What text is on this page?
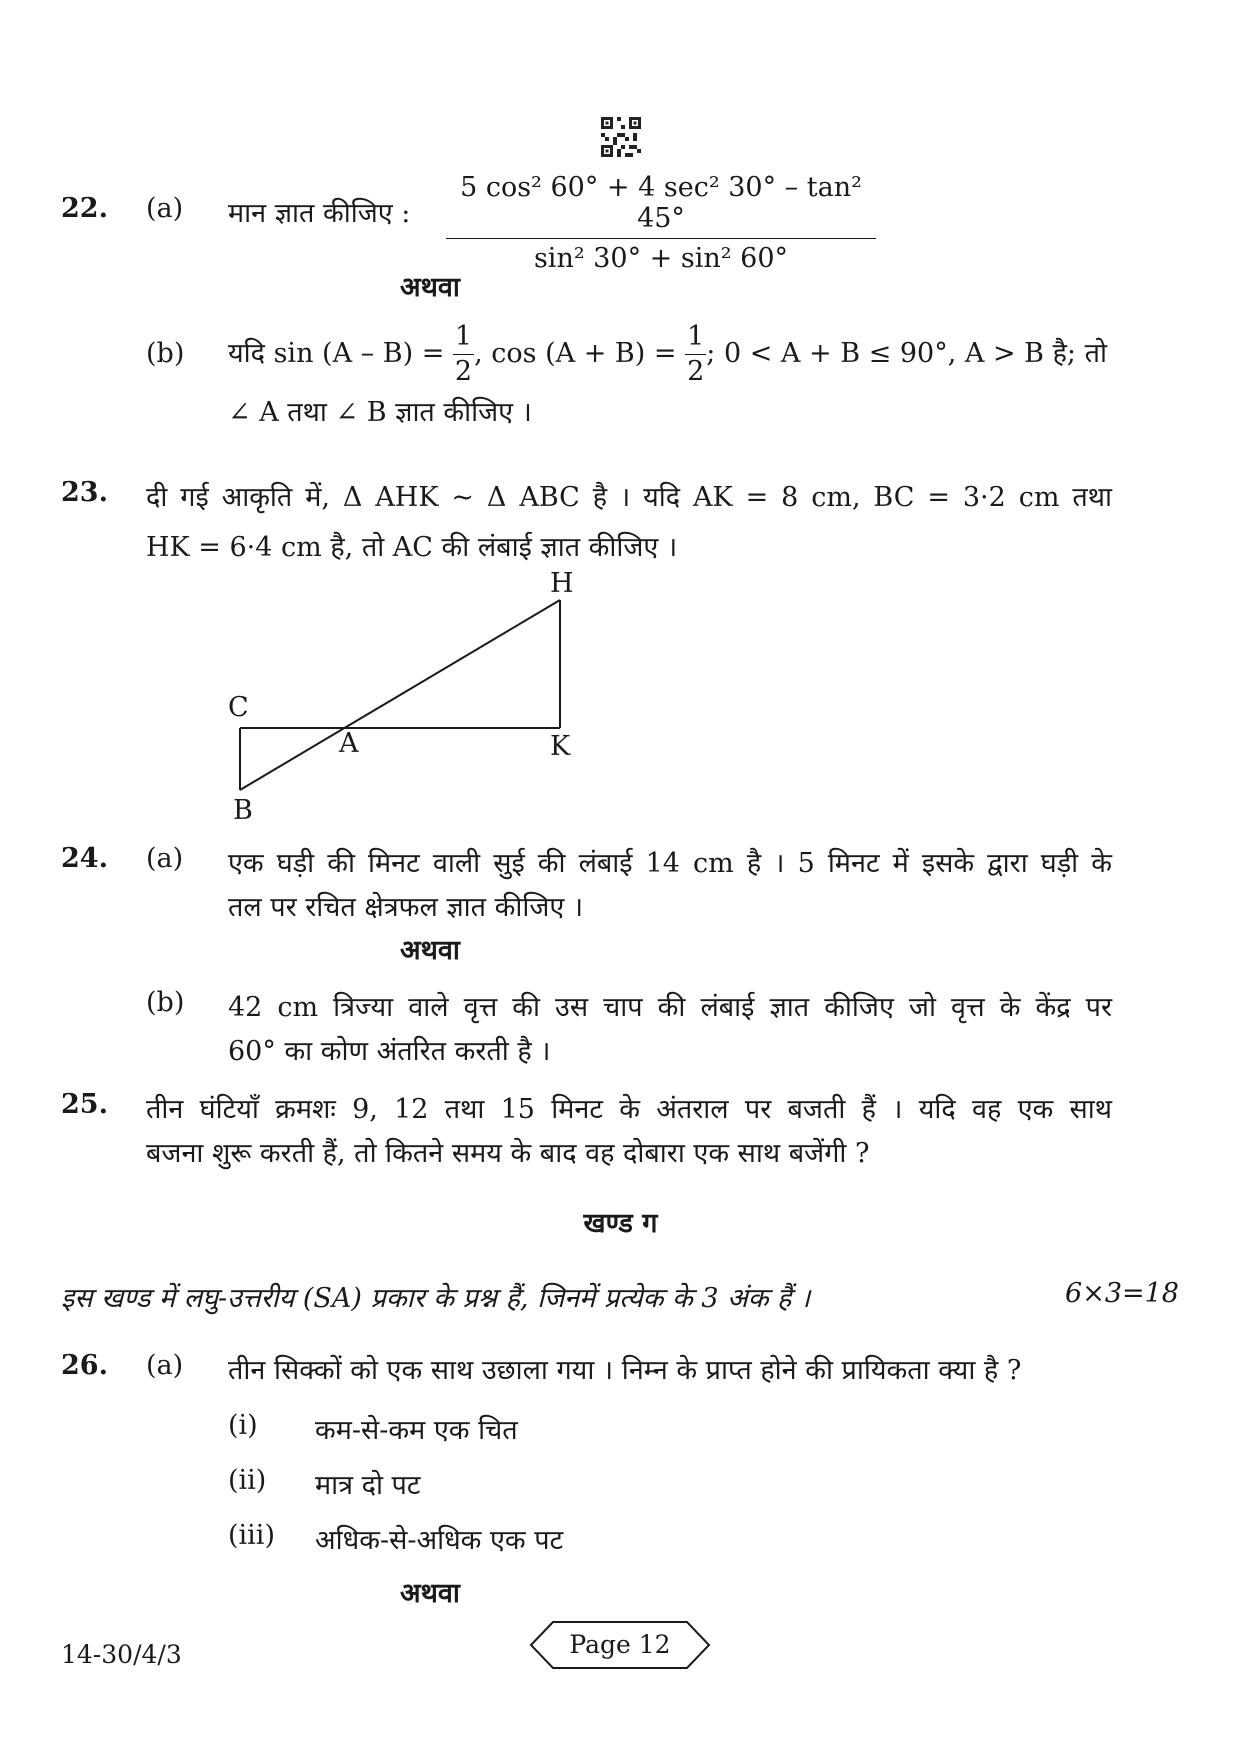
22. (a) मान ज्ञात कीजिए :
5 cos² 60° + 4 sec² 30° – tan² 45°
sin² 30° + sin² 60°
अथवा
(b) यदि $\sin (A - B) = \frac{1}{2}$ , $\cos (A + B) = \frac{1}{2}$ ; 0 < A + B ≤ 90°, A > B है; तो
∠ A तथा ∠ B ज्ञात कीजिए ।
23. दी गई आकृति में, Δ AHK ~ Δ ABC है । यदि AK = 8 cm, BC = 3·2 cm तथा
HK = 6·4 cm है, तो AC की लंबाई ज्ञात कीजिए ।
H
C
A	K
B
24. (a) एक घड़ी की मिनट वाली सुई की लंबाई 14 cm है । 5 मिनट में इसके द्वारा घड़ी के
तल पर रचित क्षेत्रफल ज्ञात कीजिए ।
अथवा
(b) 42 cm त्रिज्या वाले वृत्त की उस चाप की लंबाई ज्ञात कीजिए जो वृत्त के केंद्र पर
60° का कोण अंतरित करती है ।
25. तीन घंटियाँ क्रमशः 9, 12 तथा 15 मिनट के अंतराल पर बजती हैं । यदि वह एक साथ
बजना शुरू करती हैं, तो कितने समय के बाद वह दोबारा एक साथ बजेंगी ?
खण्ड ग
इस खण्ड में लघु-उत्तरीय (SA) प्रकार के प्रश्न हैं, जिनमें प्रत्येक के 3 अंक हैं ।	6×3=18
26. (a) तीन सिक्कों को एक साथ उछाला गया । निम्न के प्राप्त होने की प्रायिकता क्या है ?
(i) कम-से-कम एक चित
(ii) मात्र दो पट
(iii) अधिक-से-अधिक एक पट
अथवा
14-30/4/3	Page 12
